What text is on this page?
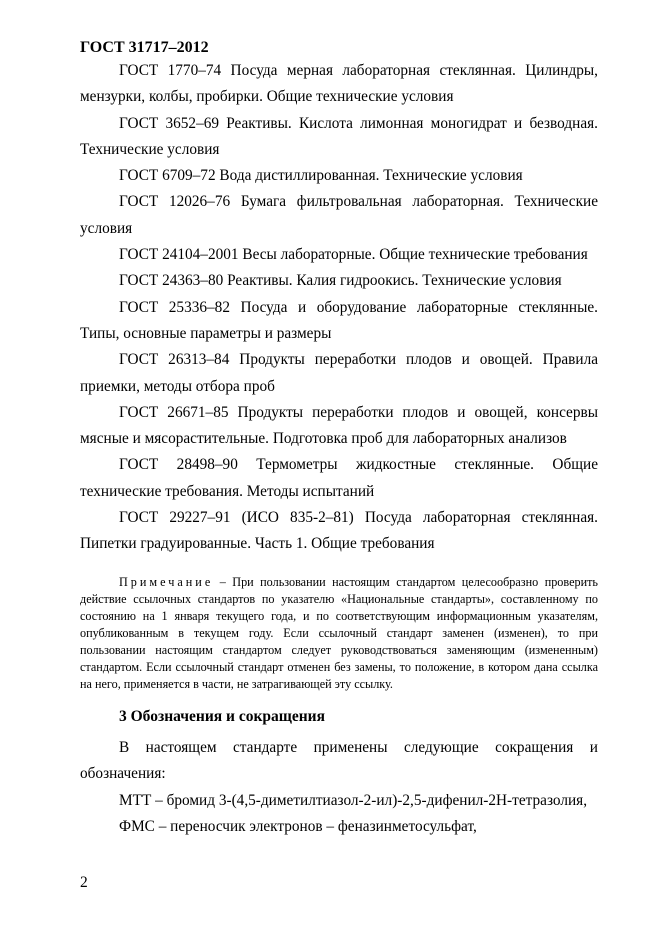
ГОСТ 31717–2012

ГОСТ 1770–74 Посуда мерная лабораторная стеклянная. Цилиндры, мензурки, колбы, пробирки. Общие технические условия

ГОСТ 3652–69 Реактивы. Кислота лимонная моногидрат и безводная. Технические условия

ГОСТ 6709–72 Вода дистиллированная. Технические условия

ГОСТ 12026–76 Бумага фильтровальная лабораторная. Технические условия

ГОСТ 24104–2001 Весы лабораторные. Общие технические требования

ГОСТ 24363–80 Реактивы. Калия гидроокись. Технические условия

ГОСТ 25336–82 Посуда и оборудование лабораторные стеклянные. Типы, основные параметры и размеры

ГОСТ 26313–84 Продукты переработки плодов и овощей. Правила приемки, методы отбора проб

ГОСТ 26671–85 Продукты переработки плодов и овощей, консервы мясные и мясорастительные. Подготовка проб для лабораторных анализов

ГОСТ 28498–90 Термометры жидкостные стеклянные. Общие технические требования. Методы испытаний

ГОСТ 29227–91 (ИСО 835-2–81) Посуда лабораторная стеклянная. Пипетки градуированные. Часть 1. Общие требования

Примечание – При пользовании настоящим стандартом целесообразно проверить действие ссылочных стандартов по указателю «Национальные стандарты», составленному по состоянию на 1 января текущего года, и по соответствующим информационным указателям, опубликованным в текущем году. Если ссылочный стандарт заменен (изменен), то при пользовании настоящим стандартом следует руководствоваться заменяющим (измененным) стандартом. Если ссылочный стандарт отменен без замены, то положение, в котором дана ссылка на него, применяется в части, не затрагивающей эту ссылку.

3 Обозначения и сокращения

В настоящем стандарте применены следующие сокращения и обозначения:

МТТ – бромид 3-(4,5-диметилтиазол-2-ил)-2,5-дифенил-2Н-тетразолия,

ФМС – переносчик электронов – феназинметосульфат,

2
